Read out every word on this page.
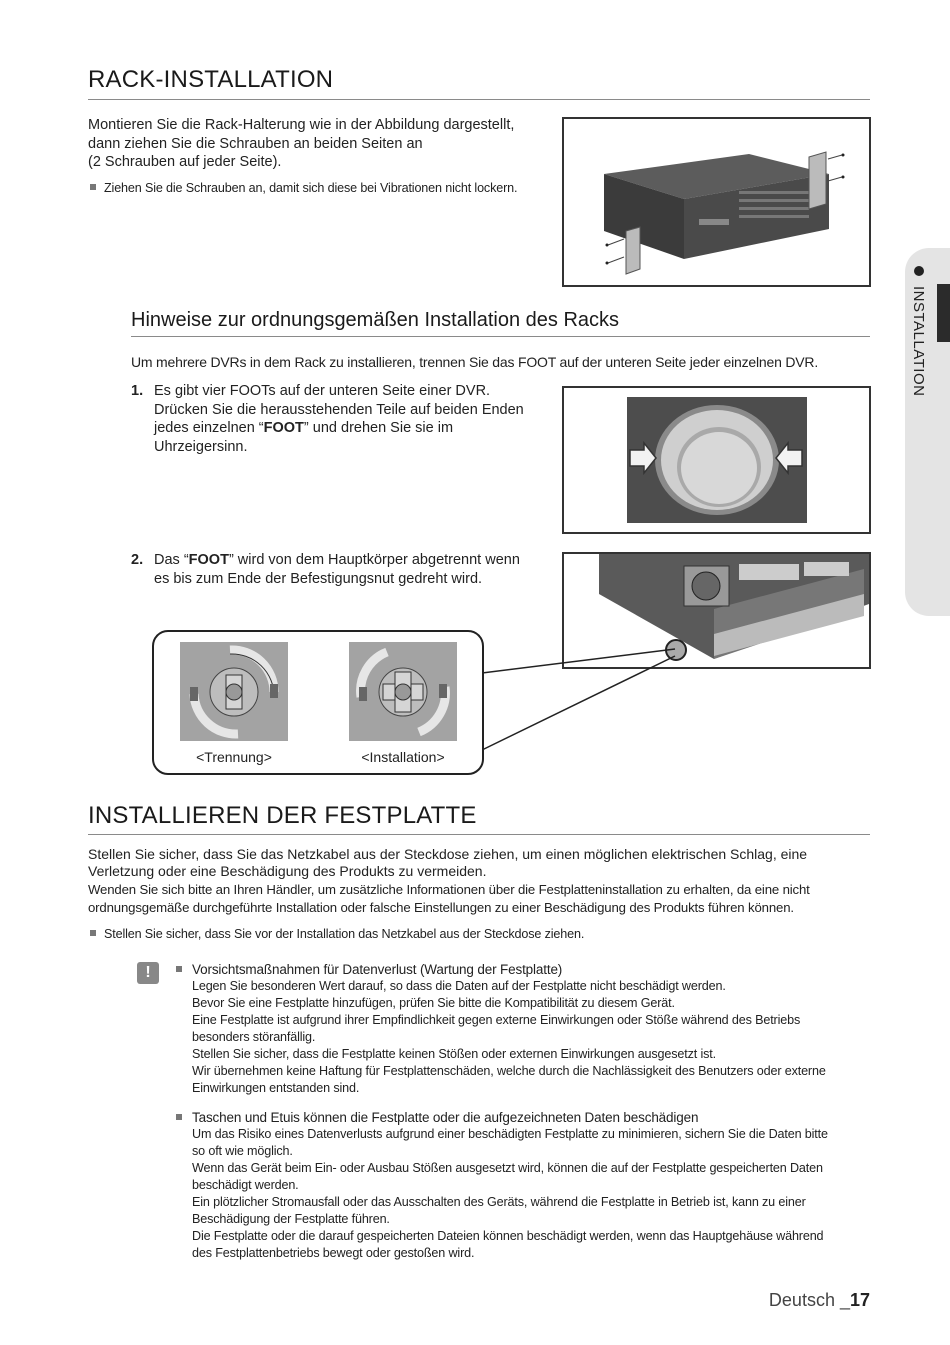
INSTALLATION
RACK-INSTALLATION
Montieren Sie die Rack-Halterung wie in der Abbildung dargestellt,
dann ziehen Sie die Schrauben an beiden Seiten an
(2 Schrauben auf jeder Seite).
Ziehen Sie die Schrauben an, damit sich diese bei Vibrationen nicht lockern.
Hinweise zur ordnungsgemäßen Installation des Racks
Um mehrere DVRs in dem Rack zu installieren, trennen Sie das FOOT auf der unteren Seite jeder einzelnen DVR.
1. Es gibt vier FOOTs auf der unteren Seite einer DVR.
Drücken Sie die herausstehenden Teile auf beiden Enden
jedes einzelnen “FOOT” und drehen Sie sie im
Uhrzeigersinn.
2. Das “FOOT” wird von dem Hauptkörper abgetrennt wenn
es bis zum Ende der Befestigungsnut gedreht wird.
<Trennung>	<Installation>
INSTALLIEREN DER FESTPLATTE
Stellen Sie sicher, dass Sie das Netzkabel aus der Steckdose ziehen, um einen möglichen elektrischen Schlag, eine
Verletzung oder eine Beschädigung des Produkts zu vermeiden.
Wenden Sie sich bitte an Ihren Händler, um zusätzliche Informationen über die Festplatteninstallation zu erhalten, da eine nicht
ordnungsgemäße durchgeführte Installation oder falsche Einstellungen zu einer Beschädigung des Produkts führen können.
Stellen Sie sicher, dass Sie vor der Installation das Netzkabel aus der Steckdose ziehen.
!	Vorsichtsmaßnahmen für Datenverlust (Wartung der Festplatte)
Legen Sie besonderen Wert darauf, so dass die Daten auf der Festplatte nicht beschädigt werden.
Bevor Sie eine Festplatte hinzufügen, prüfen Sie bitte die Kompatibilität zu diesem Gerät.
Eine Festplatte ist aufgrund ihrer Empfindlichkeit gegen externe Einwirkungen oder Stöße während des Betriebs
besonders störanfällig.
Stellen Sie sicher, dass die Festplatte keinen Stößen oder externen Einwirkungen ausgesetzt ist.
Wir übernehmen keine Haftung für Festplattenschäden, welche durch die Nachlässigkeit des Benutzers oder externe
Einwirkungen entstanden sind.
Taschen und Etuis können die Festplatte oder die aufgezeichneten Daten beschädigen
Um das Risiko eines Datenverlusts aufgrund einer beschädigten Festplatte zu minimieren, sichern Sie die Daten bitte
so oft wie möglich.
Wenn das Gerät beim Ein- oder Ausbau Stößen ausgesetzt wird, können die auf der Festplatte gespeicherten Daten
beschädigt werden.
Ein plötzlicher Stromausfall oder das Ausschalten des Geräts, während die Festplatte in Betrieb ist, kann zu einer
Beschädigung der Festplatte führen.
Die Festplatte oder die darauf gespeicherten Dateien können beschädigt werden, wenn das Hauptgehäuse während
des Festplattenbetriebs bewegt oder gestoßen wird.
Deutsch _17
